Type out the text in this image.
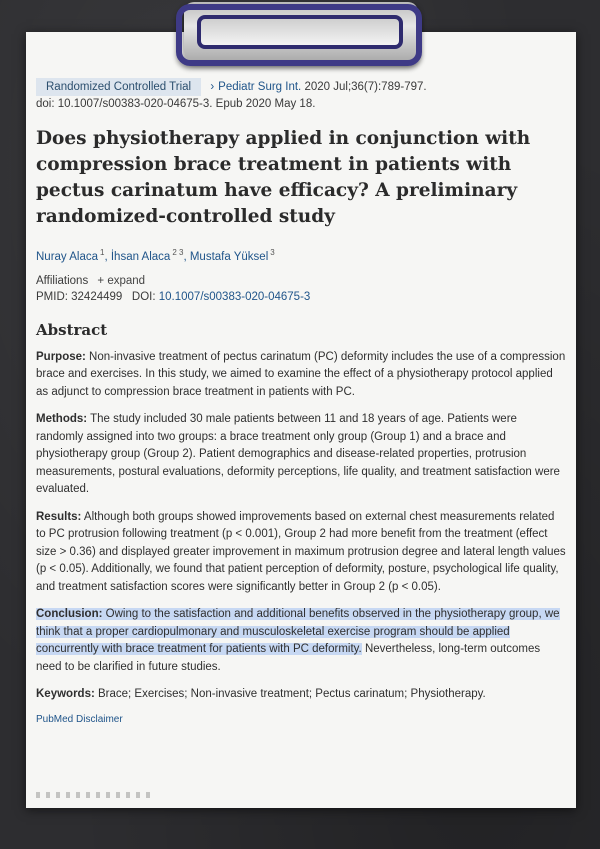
Randomized Controlled Trial › Pediatr Surg Int. 2020 Jul;36(7):789-797.
doi: 10.1007/s00383-020-04675-3. Epub 2020 May 18.
Does physiotherapy applied in conjunction with compression brace treatment in patients with pectus carinatum have efficacy? A preliminary randomized-controlled study
Nuray Alaca $^1$, İhsan Alaca $^{2 3}$, Mustafa Yüksel $^3$
Affiliations + expand
PMID: 32424499 DOI: 10.1007/s00383-020-04675-3
Abstract
Purpose: Non-invasive treatment of pectus carinatum (PC) deformity includes the use of a compression brace and exercises. In this study, we aimed to examine the effect of a physiotherapy protocol applied as adjunct to compression brace treatment in patients with PC.
Methods: The study included 30 male patients between 11 and 18 years of age. Patients were randomly assigned into two groups: a brace treatment only group (Group 1) and a brace and physiotherapy group (Group 2). Patient demographics and disease-related properties, protrusion measurements, postural evaluations, deformity perceptions, life quality, and treatment satisfaction were evaluated.
Results: Although both groups showed improvements based on external chest measurements related to PC protrusion following treatment (p < 0.001), Group 2 had more benefit from the treatment (effect size > 0.36) and displayed greater improvement in maximum protrusion degree and lateral length values (p < 0.05). Additionally, we found that patient perception of deformity, posture, psychological life quality, and treatment satisfaction scores were significantly better in Group 2 (p < 0.05).
Conclusion: Owing to the satisfaction and additional benefits observed in the physiotherapy group, we think that a proper cardiopulmonary and musculoskeletal exercise program should be applied concurrently with brace treatment for patients with PC deformity. Nevertheless, long-term outcomes need to be clarified in future studies.
Keywords: Brace; Exercises; Non-invasive treatment; Pectus carinatum; Physiotherapy.
PubMed Disclaimer
